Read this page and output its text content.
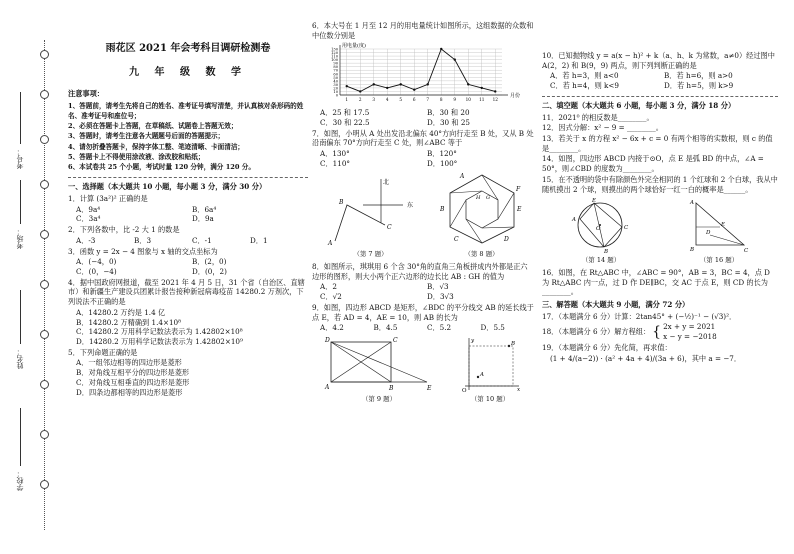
考号：
考场：
姓名：
学校：
雨花区 2021 年会考科目调研检测卷
九 年 级 数 学
注意事项：

1、答题前，请考生先将自己的姓名、准考证号填写清楚，并认真核对条形码的姓名、准考证号和座位号；

2、必须在答题卡上答题，在草稿纸、试题卷上答题无效；

3、答题时，请考生注意各大题题号后面的答题提示；

4、请勿折叠答题卡，保持字体工整、笔迹清晰、卡面清洁；

5、答题卡上不得使用涂改液、涂改胶和贴纸；

6、本试卷共 25 个小题，考试时量 120 分钟，满分 120 分。

一、选择题（本大题共 10 小题，每小题 3 分，满分 30 分）
1．计算 (3a²)² 正确的是
A．9a⁴	B．6a⁴
C．3a⁴	D．9a
2．下列各数中，比 -2 大 1 的数是
A．-3	B．3	C．-1	D．1
3．函数 y = 2x − 4 图象与 x 轴的交点坐标为
A．(−4，0)	B．(2，0)
C．(0，−4)	D．(0，2)
4．据中国政府网报道，截至 2021 年 4 月 5 日，31 个省（自治区、直辖市）和新疆生产建设兵团累计报告接种新冠病毒疫苗 14280.2 万剂次，下列说法不正确的是
A．14280.2 万约是 1.4 亿
B．14280.2 万精确到 1.4×10⁸
C．14280.2 万用科学记数法表示为 1.42802×10⁸
D．14280.2 万用科学记数法表示为 1.42802×10⁹
5．下列命题正确的是
A．一组邻边相等的四边形是菱形
B．对角线互相平分的四边形是菱形
C．对角线互相垂直的四边形是菱形
D．四条边都相等的四边形是菱形
6．本大号在 1 月至 12 月的用电量统计如图所示，这组数据的众数和中位数分别是
0
10
20
30
40
50
60
70
80
90
100
110
120
130
1	2	3	4	5	6	7	8	9 10 11 12
用电量(度)
月份
A．25 和 17.5	B．30 和 20
C．30 和 22.5	D．30 和 25
7．如图，小明从 A 处出发沿北偏东 40°方向行走至 B 处，又从 B 处沿南偏东 70°方向行走至 C 处，则∠ABC 等于
A．130°	B．120°
C．110°	D．100°
北
东
A
B
C
（第 7 题）
A
F
B	E
C	D
H G
（第 8 题）
8．如图所示，琪琪用 6 个含 30°角的直角三角板拼成内外都是正六边形的图形，则大小两个正六边形的边长比 AB : GH 的值为
A．2	B．√3
C．√2	D．3√3
9．如图，四边形 ABCD 是矩形，∠BDC 的平分线交 AB 的延长线于点 E，若 AD = 4，AE = 10，则 AB 的长为
A．4.2	B．4.5	C．5.2	D．5.5
D	C
A	B	E
（第 9 题）
A
B
y
x
O
（第 10 题）
10．已知抛物线 y = a(x − h)² + k（a、h、k 为常数，a≠0）经过图中 A(2，2) 和 B(9，9) 两点，则下列判断正确的是
A．若 h=3，则 a<0	B．若 h=6，则 a>0
C．若 h=4，则 k<9	D．若 h=5，则 k>9
二、填空题（本大题共 6 小题，每小题 3 分，满分 18 分）
11．2021⁰ 的相反数是________。
12．因式分解：x² − 9 = ________。
13．若关于 x 的方程 x² − 6x + c = 0 有两个相等的实数根，则 c 的值是________。
14．如图，四边形 ABCD 内接于⊙O，点 E 是弧 BD 的中点，∠A = 50°，则∠CBD 的度数为________。
15．在不透明的袋中有除颜色外完全相同的 1 个红球和 2 个白球，我从中随机摸出 2 个球，则摸出的两个球恰好一红一白的概率是______。
O
A
E
C
B
（第 14 题）
A
B	C
D
E
（第 16 题）
16．如图，在 Rt△ABC 中，∠ABC = 90°，AB = 3，BC = 4，点 D 为 Rt△ABC 内一点，过 D 作 DE∥BC，交 AC 于点 E，则 CD 的长为________。
三、解答题（本大题共 9 小题，满分 72 分）
17．（本题满分 6 分）计算：2tan45° + (−½)⁻¹ − (√3)²．
18．（本题满分 6 分）解方程组： { 2x + y = 2021
x − y = −2018
19．（本题满分 6 分）先化简，再求值：
(1 + 4/(a−2)) · (a² + 4a + 4)/(3a + 6)，其中 a = −7．
